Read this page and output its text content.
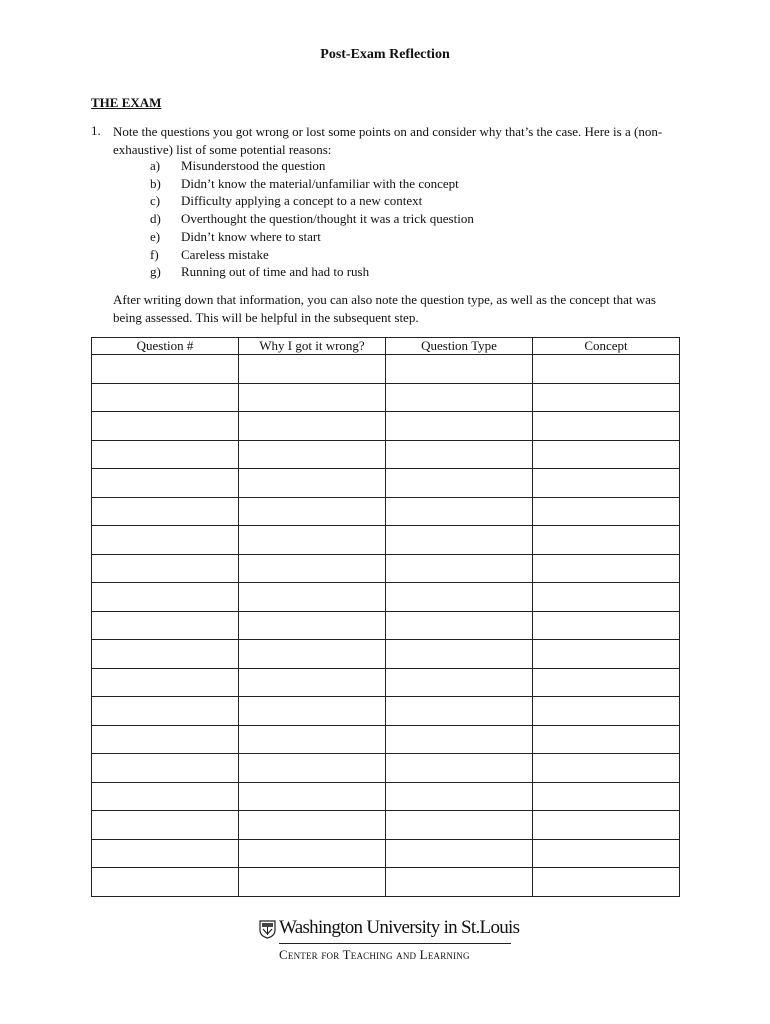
Post-Exam Reflection
THE EXAM
1. Note the questions you got wrong or lost some points on and consider why that’s the case. Here is a (non-exhaustive) list of some potential reasons:
a)	Misunderstood the question
b)	Didn’t know the material/unfamiliar with the concept
c)	Difficulty applying a concept to a new context
d)	Overthought the question/thought it was a trick question
e)	Didn’t know where to start
f)	Careless mistake
g)	Running out of time and had to rush
After writing down that information, you can also note the question type, as well as the concept that was being assessed. This will be helpful in the subsequent step.
Question #	Why I got it wrong?	Question Type	Concept

Washington University in St.Louis
Center for Teaching and Learning
